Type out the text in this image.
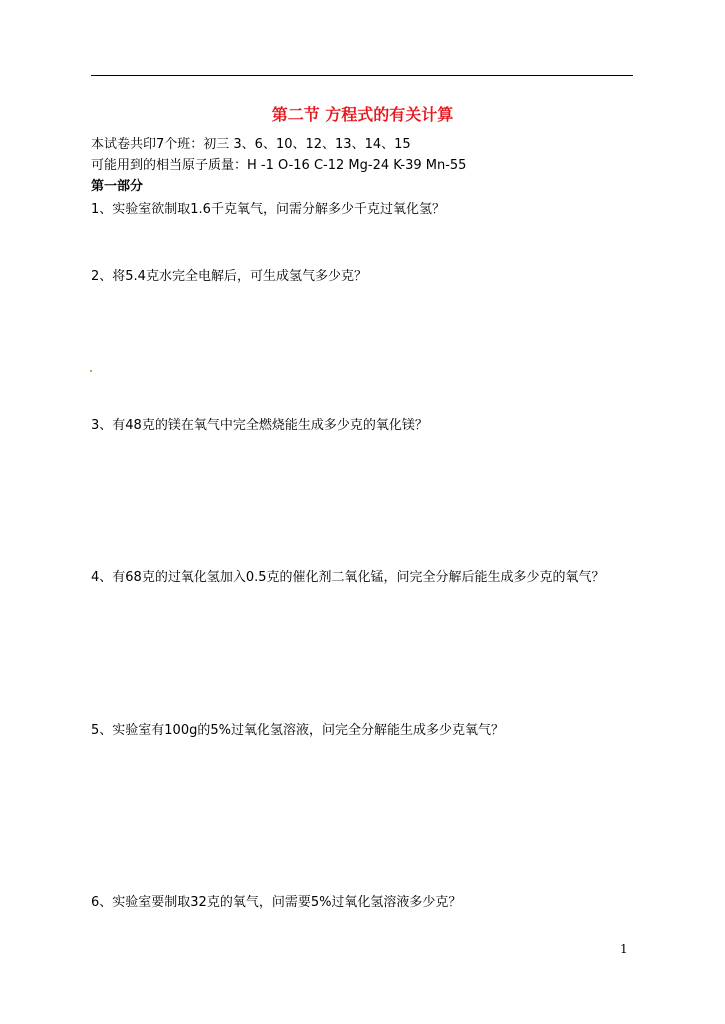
第二节 方程式的有关计算
本试卷共印7个班：初三 3、6、10、12、13、14、15
可能用到的相当原子质量：H -1 O-16 C-12 Mg-24 K-39 Mn-55
第一部分
1、实验室欲制取1.6千克氧气，问需分解多少千克过氧化氢？
2、将5.4克水完全电解后，可生成氢气多少克？
3、有48克的镁在氧气中完全燃烧能生成多少克的氧化镁？
4、有68克的过氧化氢加入0.5克的催化剂二氧化锰，问完全分解后能生成多少克的氧气？
5、实验室有100g的5%过氧化氢溶液，问完全分解能生成多少克氧气？
6、实验室要制取32克的氧气，问需要5%过氧化氢溶液多少克？
1
